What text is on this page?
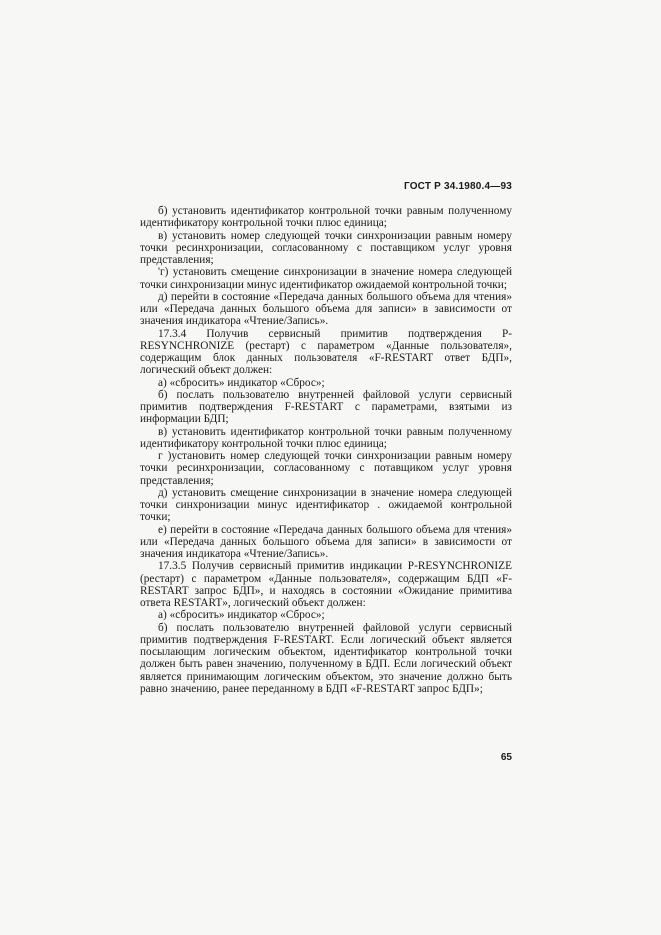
ГОСТ Р 34.1980.4—93

б) установить идентификатор контрольной точки равным полученному идентификатору контрольной точки плюс единица;

в) установить номер следующей точки синхронизации равным номеру точки ресинхронизации, согласованному с поставщиком услуг уровня представления;

'г) установить смещение синхронизации в значение номера следующей точки синхронизации минус идентификатор ожидаемой контрольной точки;

д) перейти в состояние «Передача данных большого объема для чтения» или «Передача данных большого объема для записи» в зависимости от значения индикатора «Чтение/Запись».

17.3.4 Получив сервисный примитив подтверждения P-RESYNCHRONIZE (рестарт) с параметром «Данные пользователя», содержащим блок данных пользователя «F-RESTART ответ БДП», логический объект должен:

а) «сбросить» индикатор «Сброс»;

б) послать пользователю внутренней файловой услуги сервисный примитив подтверждения F-RESTART с параметрами, взятыми из информации БДП;

в) установить идентификатор контрольной точки равным полученному идентификатору контрольной точки плюс единица;

г )установить номер следующей точки синхронизации равным номеру точки ресинхронизации, согласованному с потавщиком услуг уровня представления;

д) установить смещение синхронизации в значение номера следующей точки синхронизации минус идентификатор . ожидаемой контрольной точки;

е) перейти в состояние «Передача данных большого объема для чтения» или «Передача данных большого объема для записи» в зависимости от значения индикатора «Чтение/Запись».

17.3.5 Получив сервисный примитив индикации P-RESYNCHRONIZE (рестарт) с параметром «Данные пользователя», содержащим БДП «F-RESTART запрос БДП», и находясь в состоянии «Ожидание примитива ответа RESTART», логический объект должен:

а) «сбросить» индикатор «Сброс»;

б) послать пользователю внутренней файловой услуги сервисный примитив подтверждения F-RESTART. Если логический объект является посылающим логическим объектом, идентификатор контрольной точки должен быть равен значению, полученному в БДП. Если логический объект является принимающим логическим объектом, это значение должно быть равно значению, ранее переданному в БДП «F-RESTART запрос БДП»;

65
